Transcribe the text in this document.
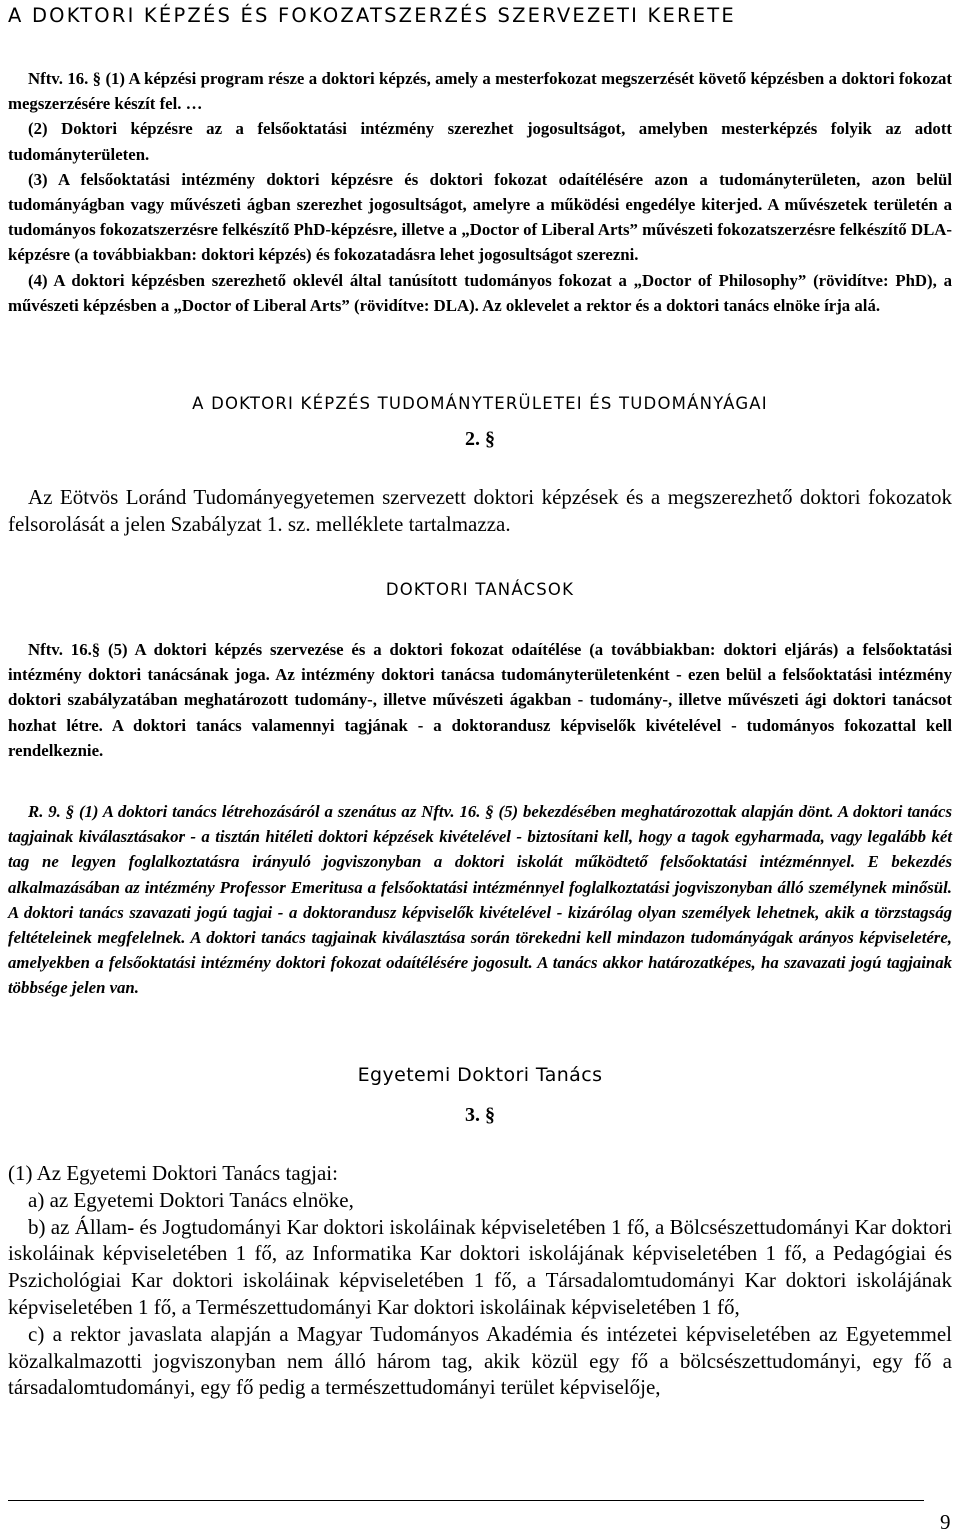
A DOKTORI KÉPZÉS ÉS FOKOZATSZERZÉS SZERVEZETI KERETE

Nftv. 16. § (1) A képzési program része a doktori képzés, amely a mesterfokozat megszerzését követő képzésben a doktori fokozat megszerzésére készít fel. …

(2) Doktori képzésre az a felsőoktatási intézmény szerezhet jogosultságot, amelyben mesterképzés folyik az adott tudományterületen.

(3) A felsőoktatási intézmény doktori képzésre és doktori fokozat odaítélésére azon a tudományterületen, azon belül tudományágban vagy művészeti ágban szerezhet jogosultságot, amelyre a működési engedélye kiterjed. A művészetek területén a tudományos fokozatszerzésre felkészítő PhD-képzésre, illetve a „Doctor of Liberal Arts” művészeti fokozatszerzésre felkészítő DLA-képzésre (a továbbiakban: doktori képzés) és fokozatadásra lehet jogosultságot szerezni.

(4) A doktori képzésben szerezhető oklevél által tanúsított tudományos fokozat a „Doctor of Philosophy” (rövidítve: PhD), a művészeti képzésben a „Doctor of Liberal Arts” (rövidítve: DLA). Az oklevelet a rektor és a doktori tanács elnöke írja alá.

A DOKTORI KÉPZÉS TUDOMÁNYTERÜLETEI ÉS TUDOMÁNYÁGAI
2. §

Az Eötvös Loránd Tudományegyetemen szervezett doktori képzések és a megszerezhető doktori fokozatok felsorolását a jelen Szabályzat 1. sz. melléklete tartalmazza.

DOKTORI TANÁCSOK

Nftv. 16.§ (5) A doktori képzés szervezése és a doktori fokozat odaítélése (a továbbiakban: doktori eljárás) a felsőoktatási intézmény doktori tanácsának joga. Az intézmény doktori tanácsa tudományterületenként - ezen belül a felsőoktatási intézmény doktori szabályzatában meghatározott tudomány-, illetve művészeti ágakban - tudomány-, illetve művészeti ági doktori tanácsot hozhat létre. A doktori tanács valamennyi tagjának - a doktorandusz képviselők kivételével - tudományos fokozattal kell rendelkeznie.

R. 9. § (1) A doktori tanács létrehozásáról a szenátus az Nftv. 16. § (5) bekezdésében meghatározottak alapján dönt. A doktori tanács tagjainak kiválasztásakor - a tisztán hitéleti doktori képzések kivételével - biztosítani kell, hogy a tagok egyharmada, vagy legalább két tag ne legyen foglalkoztatásra irányuló jogviszonyban a doktori iskolát működtető felsőoktatási intézménnyel. E bekezdés alkalmazásában az intézmény Professor Emeritusa a felsőoktatási intézménnyel foglalkoztatási jogviszonyban álló személynek minősül. A doktori tanács szavazati jogú tagjai - a doktorandusz képviselők kivételével - kizárólag olyan személyek lehetnek, akik a törzstagság feltételeinek megfelelnek. A doktori tanács tagjainak kiválasztása során törekedni kell mindazon tudományágak arányos képviseletére, amelyekben a felsőoktatási intézmény doktori fokozat odaítélésére jogosult. A tanács akkor határozatképes, ha szavazati jogú tagjainak többsége jelen van.

Egyetemi Doktori Tanács
3. §

(1) Az Egyetemi Doktori Tanács tagjai:

a) az Egyetemi Doktori Tanács elnöke,

b) az Állam- és Jogtudományi Kar doktori iskoláinak képviseletében 1 fő, a Bölcsészettudományi Kar doktori iskoláinak képviseletében 1 fő, az Informatika Kar doktori iskolájának képviseletében 1 fő, a Pedagógiai és Pszichológiai Kar doktori iskoláinak képviseletében 1 fő, a Társadalomtudományi Kar doktori iskolájának képviseletében 1 fő, a Természettudományi Kar doktori iskoláinak képviseletében 1 fő,

c) a rektor javaslata alapján a Magyar Tudományos Akadémia és intézetei képviseletében az Egyetemmel közalkalmazotti jogviszonyban nem álló három tag, akik közül egy fő a bölcsészettudományi, egy fő a társadalomtudományi, egy fő pedig a természettudományi terület képviselője,

9
